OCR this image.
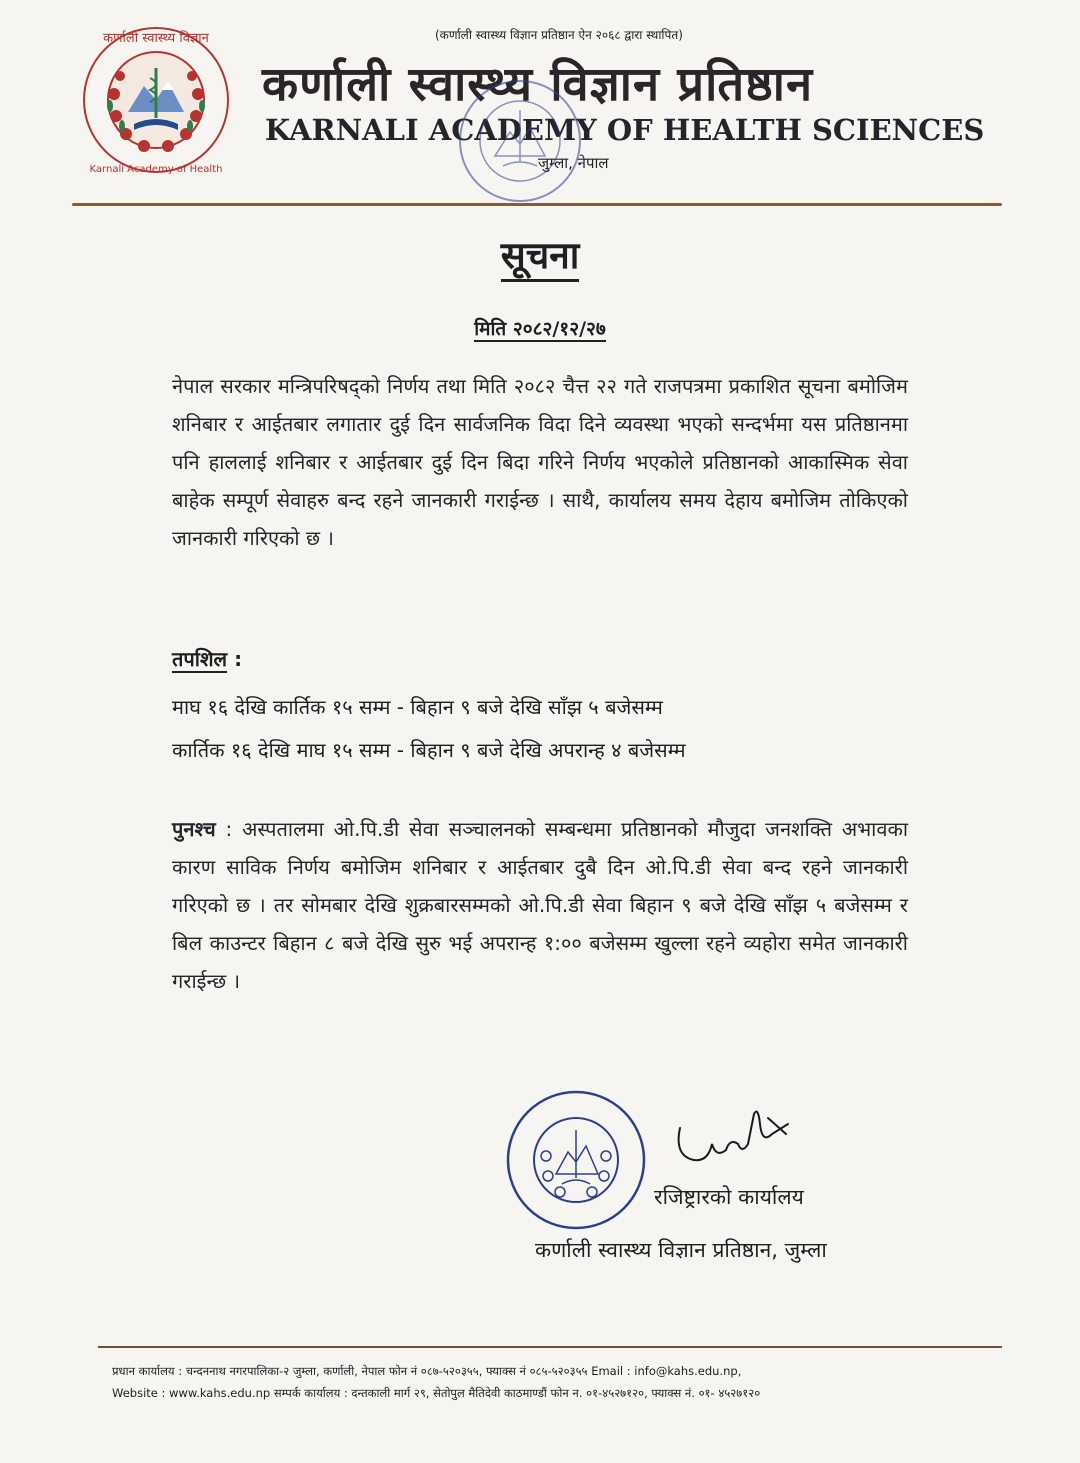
कर्णाली स्वास्थ्य विज्ञान
Karnali Academy of Health
(कर्णाली स्वास्थ्य विज्ञान प्रतिष्ठान ऐन २०६८ द्वारा स्थापित)
कर्णाली स्वास्थ्य विज्ञान प्रतिष्ठान
KARNALI ACADEMY OF HEALTH SCIENCES
जुम्ला, नेपाल
सूचना
मिति २०८२/१२/२७
नेपाल सरकार मन्त्रिपरिषद्को निर्णय तथा मिति २०८२ चैत्त २२ गते राजपत्रमा प्रकाशित सूचना बमोजिम शनिबार र आईतबार लगातार दुई दिन सार्वजनिक विदा दिने व्यवस्था भएको सन्दर्भमा यस प्रतिष्ठानमा पनि हाललाई शनिबार र आईतबार दुई दिन बिदा गरिने निर्णय भएकोले प्रतिष्ठानको आकास्मिक सेवा बाहेक सम्पूर्ण सेवाहरु बन्द रहने जानकारी गराईन्छ । साथै, कार्यालय समय देहाय बमोजिम तोकिएको जानकारी गरिएको छ ।
तपशिल :
माघ १६ देखि कार्तिक १५ सम्म - बिहान ९ बजे देखि साँझ ५ बजेसम्म
कार्तिक १६ देखि माघ १५ सम्म - बिहान ९ बजे देखि अपरान्ह ४ बजेसम्म
पुनश्च : अस्पतालमा ओ.पि.डी सेवा सञ्चालनको सम्बन्धमा प्रतिष्ठानको मौजुदा जनशक्ति अभावका कारण साविक निर्णय बमोजिम शनिबार र आईतबार दुबै दिन ओ.पि.डी सेवा बन्द रहने जानकारी गरिएको छ । तर सोमबार देखि शुक्रबारसम्मको ओ.पि.डी सेवा बिहान ९ बजे देखि साँझ ५ बजेसम्म र बिल काउन्टर बिहान ८ बजे देखि सुरु भई अपरान्ह १:०० बजेसम्म खुल्ला रहने व्यहोरा समेत जानकारी गराईन्छ ।
रजिष्ट्रारको कार्यालय
कर्णाली स्वास्थ्य विज्ञान प्रतिष्ठान, जुम्ला
प्रधान कार्यालय : चन्दननाथ नगरपालिका-२ जुम्ला, कर्णाली, नेपाल फोन नं ०८७-५२०३५५, फ्याक्स नं ०८५-५२०३५५ Email : info@kahs.edu.np,
Website : www.kahs.edu.np सम्पर्क कार्यालय : दन्तकाली मार्ग २९, सेतोपुल मैतिदेवी काठमाण्डौं फोन न. ०१-४५२७१२०, फ्याक्स नं. ०१- ४५२७१२०
